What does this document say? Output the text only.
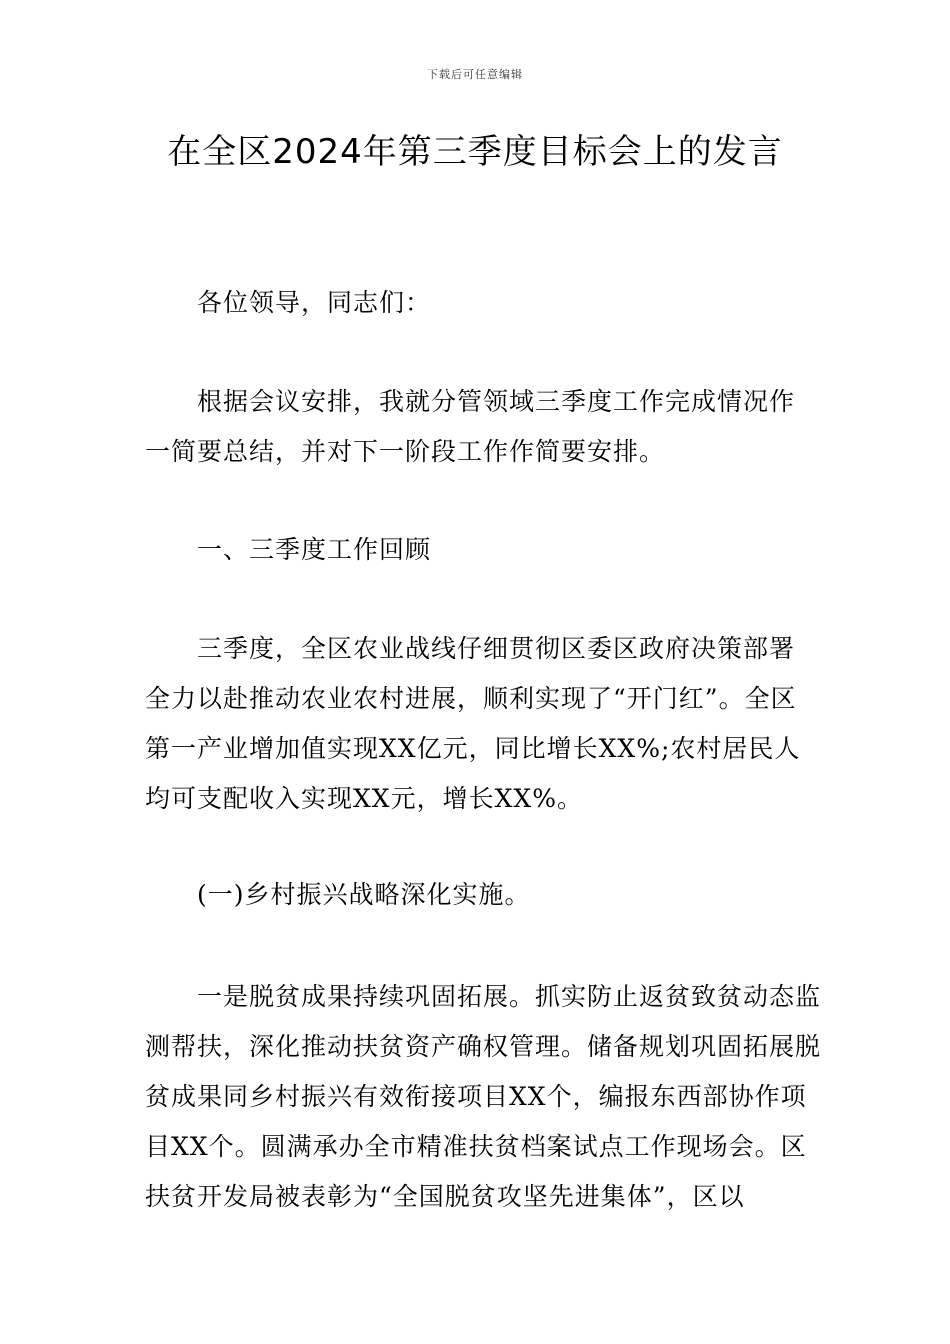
下载后可任意编辑
在全区2024年第三季度目标会上的发言

各位领导，同志们：

根据会议安排，我就分管领域三季度工作完成情况作一简要总结，并对下一阶段工作作简要安排。

一、三季度工作回顾

三季度，全区农业战线仔细贯彻区委区政府决策部署全力以赴推动农业农村进展，顺利实现了“开门红”。全区第一产业增加值实现XX亿元，同比增长XX%;农村居民人均可支配收入实现XX元，增长XX%。

(一)乡村振兴战略深化实施。

一是脱贫成果持续巩固拓展。抓实防止返贫致贫动态监测帮扶，深化推动扶贫资产确权管理。储备规划巩固拓展脱贫成果同乡村振兴有效衔接项目XX个，编报东西部协作项目XX个。圆满承办全市精准扶贫档案试点工作现场会。区扶贫开发局被表彰为“全国脱贫攻坚先进集体”，区以
